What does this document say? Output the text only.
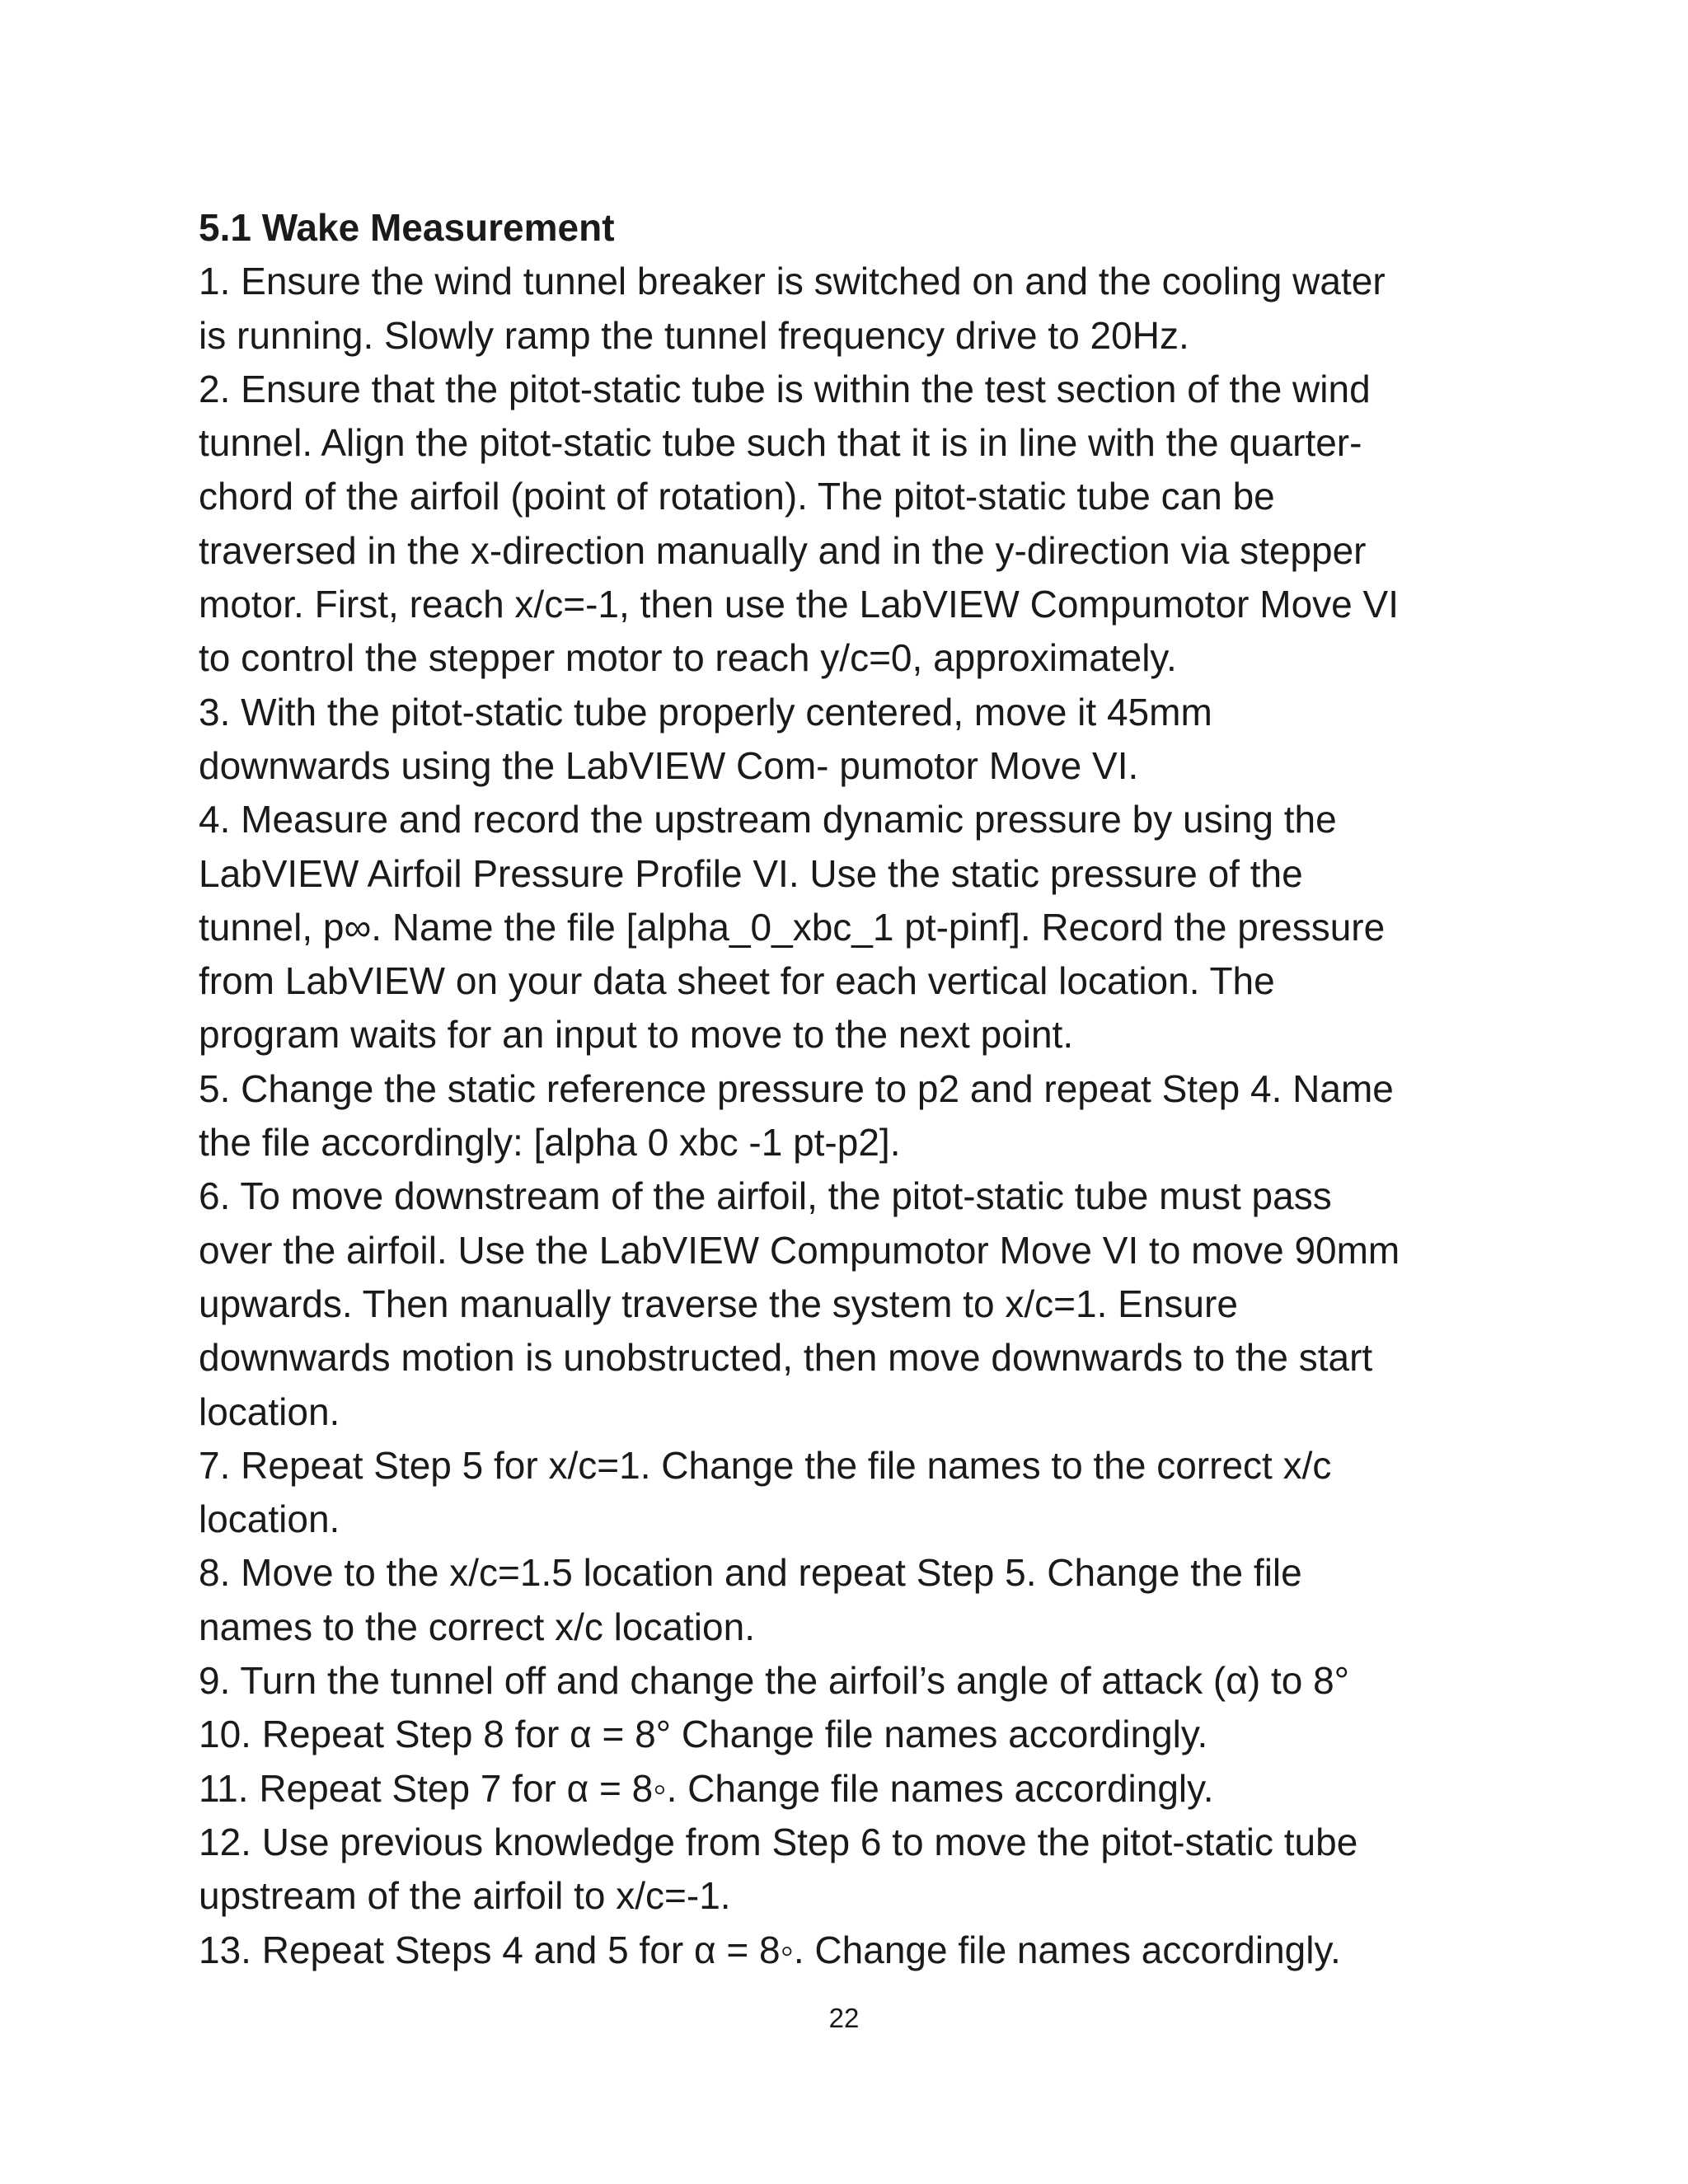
5.1 Wake Measurement
1. Ensure the wind tunnel breaker is switched on and the cooling water
is running. Slowly ramp the tunnel frequency drive to 20Hz.
2. Ensure that the pitot-static tube is within the test section of the wind
tunnel. Align the pitot-static tube such that it is in line with the quarter-
chord of the airfoil (point of rotation). The pitot-static tube can be
traversed in the x-direction manually and in the y-direction via stepper
motor. First, reach x/c=-1, then use the LabVIEW Compumotor Move VI
to control the stepper motor to reach y/c=0, approximately.
3. With the pitot-static tube properly centered, move it 45mm
downwards using the LabVIEW Com- pumotor Move VI.
4. Measure and record the upstream dynamic pressure by using the
LabVIEW Airfoil Pressure Profile VI. Use the static pressure of the
tunnel, p∞. Name the file [alpha_0_xbc_1 pt-pinf]. Record the pressure
from LabVIEW on your data sheet for each vertical location. The
program waits for an input to move to the next point.
5. Change the static reference pressure to p2 and repeat Step 4. Name
the file accordingly: [alpha 0 xbc -1 pt-p2].
6. To move downstream of the airfoil, the pitot-static tube must pass
over the airfoil. Use the LabVIEW Compumotor Move VI to move 90mm
upwards. Then manually traverse the system to x/c=1. Ensure
downwards motion is unobstructed, then move downwards to the start
location.
7. Repeat Step 5 for x/c=1. Change the file names to the correct x/c
location.
8. Move to the x/c=1.5 location and repeat Step 5. Change the file
names to the correct x/c location.
9. Turn the tunnel off and change the airfoil’s angle of attack (α) to 8°
10. Repeat Step 8 for α = 8° Change file names accordingly.
11. Repeat Step 7 for α = 8◦. Change file names accordingly.
12. Use previous knowledge from Step 6 to move the pitot-static tube
upstream of the airfoil to x/c=-1.
13. Repeat Steps 4 and 5 for α = 8◦. Change file names accordingly.
22
